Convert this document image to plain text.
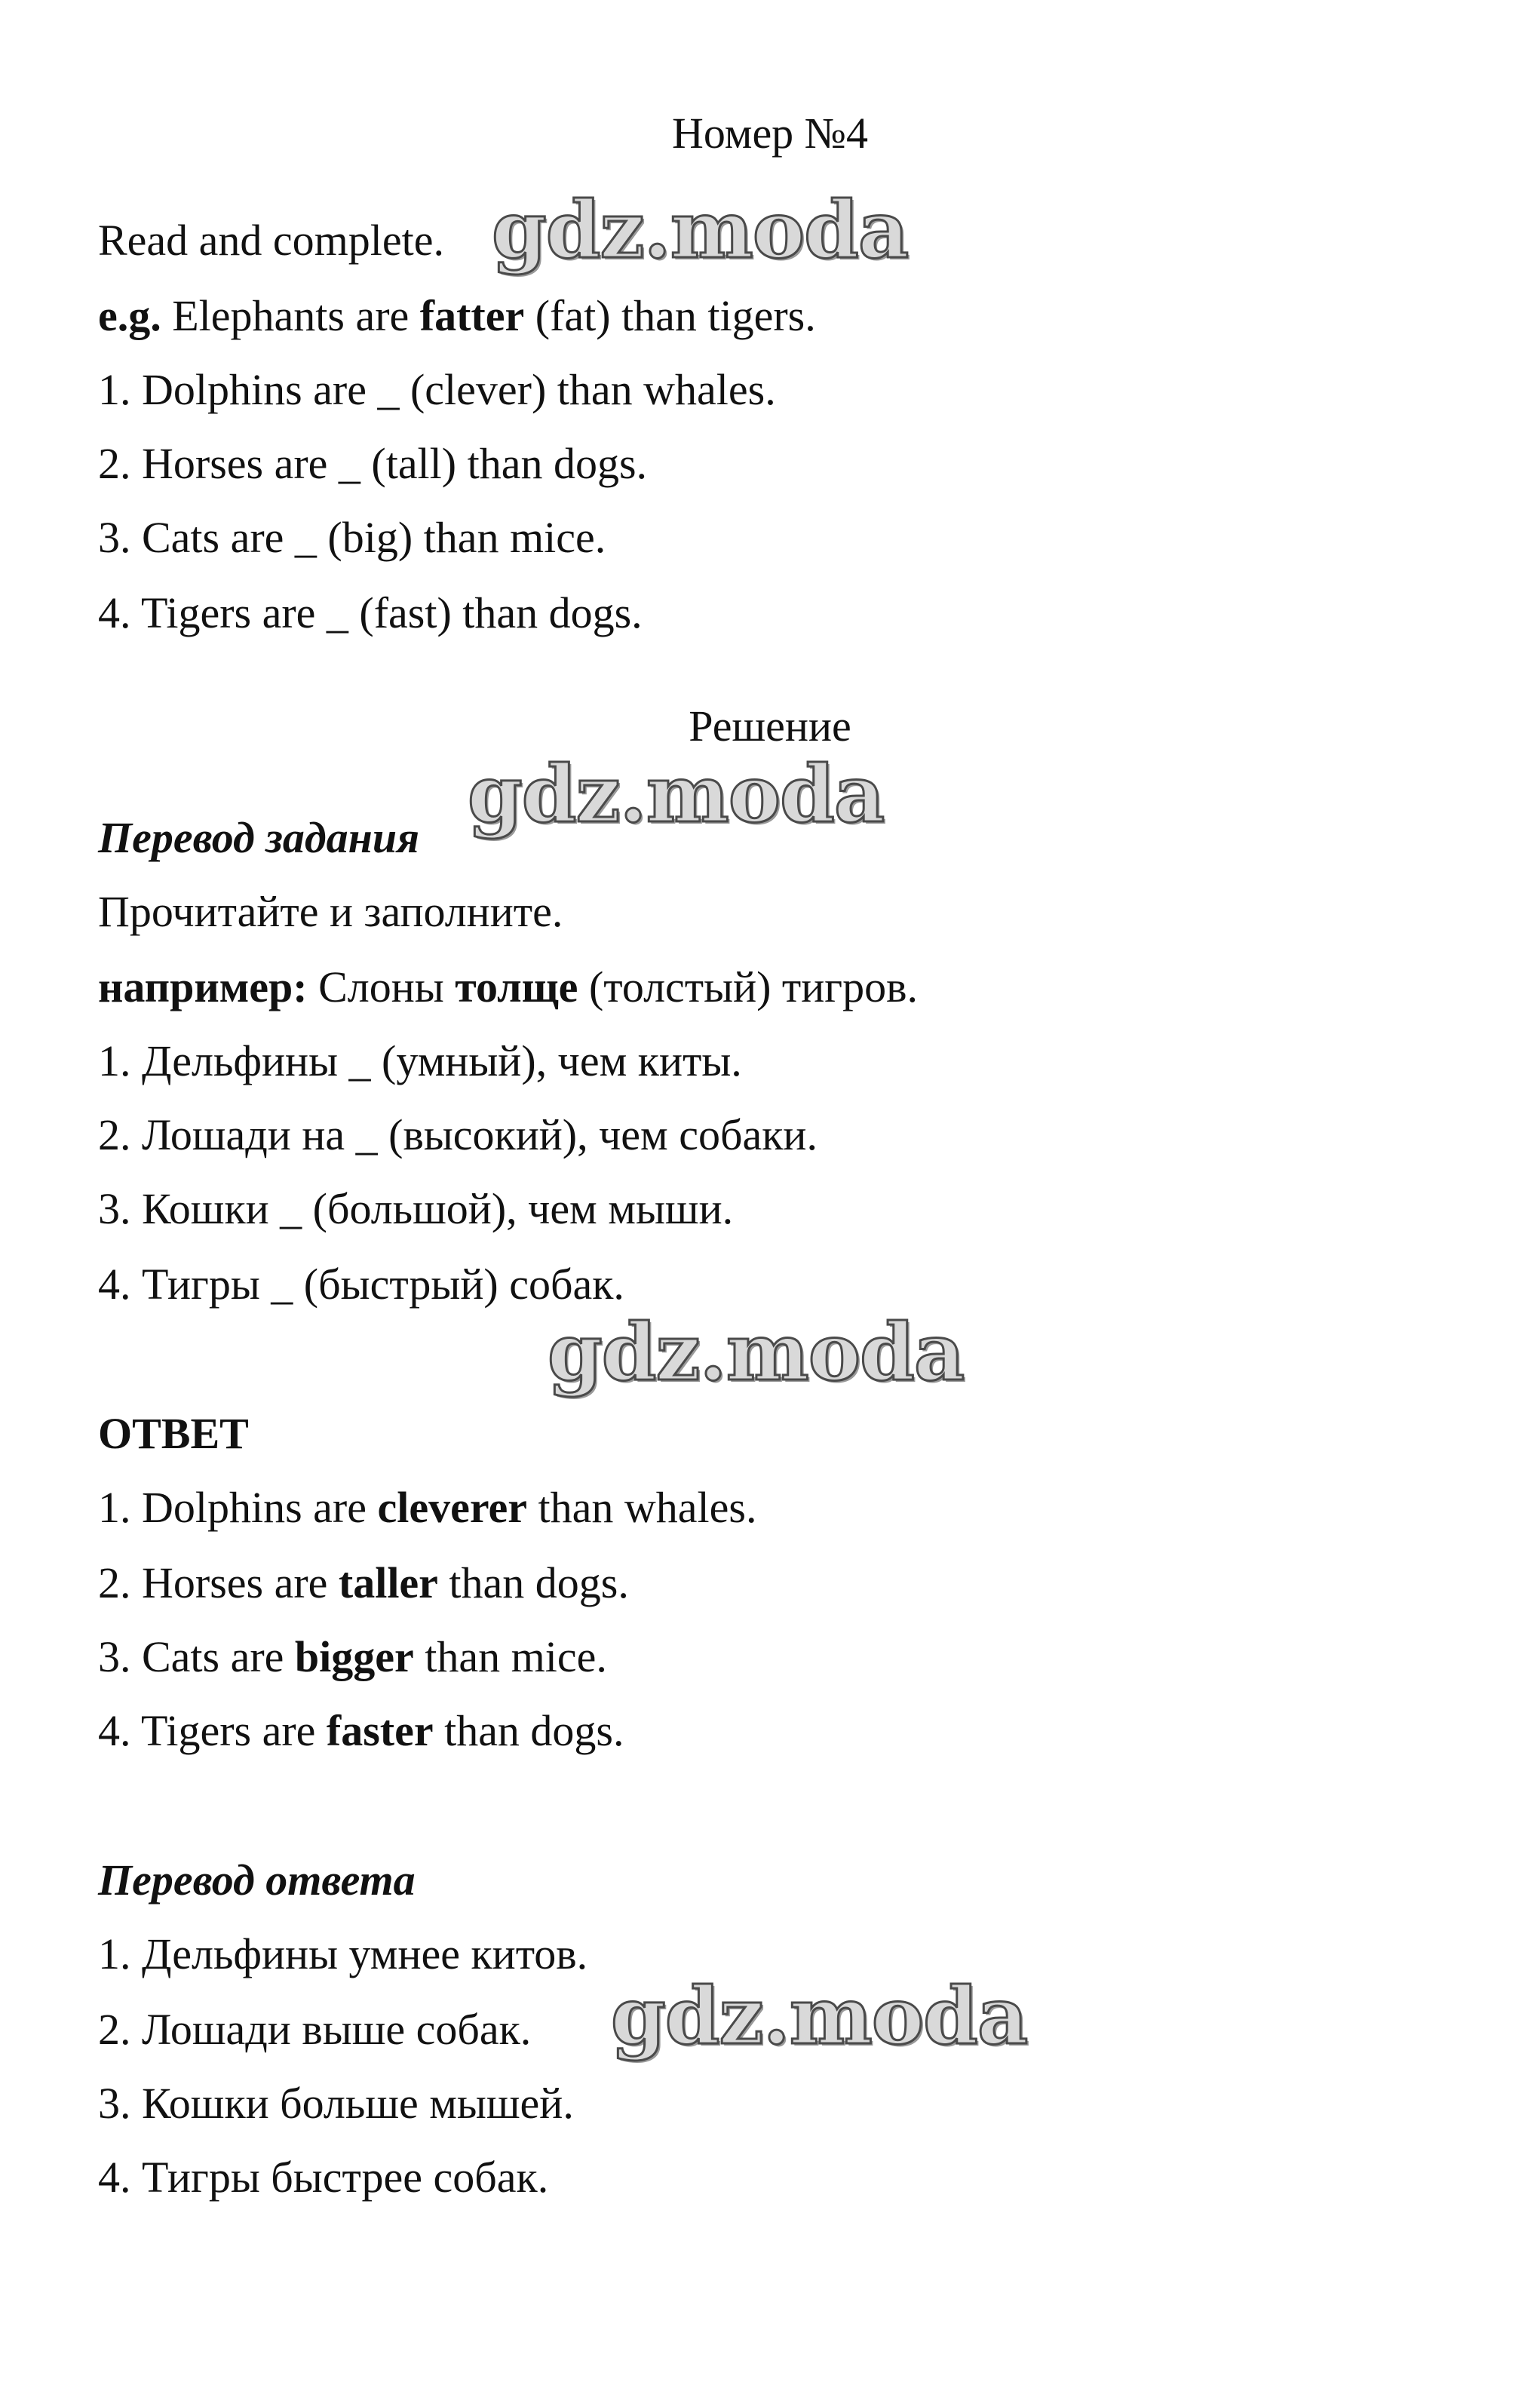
Номер №4
Read and complete.
e.g. Elephants are fatter (fat) than tigers.
1. Dolphins are _ (clever) than whales.
2. Horses are _ (tall) than dogs.
3. Cats are _ (big) than mice.
4. Tigers are _ (fast) than dogs.
Решение
Перевод задания
Прочитайте и заполните.
например: Слоны толще (толстый) тигров.
1. Дельфины _ (умный), чем киты.
2. Лошади на _ (высокий), чем собаки.
3. Кошки _ (большой), чем мыши.
4. Тигры _ (быстрый) собак.
ОТВЕТ
1. Dolphins are cleverer than whales.
2. Horses are taller than dogs.
3. Cats are bigger than mice.
4. Tigers are faster than dogs.
Перевод ответа
1. Дельфины умнее китов.
2. Лошади выше собак.
3. Кошки больше мышей.
4. Тигры быстрее собак.
gdz.moda
gdz.moda
gdz.moda
gdz.moda
